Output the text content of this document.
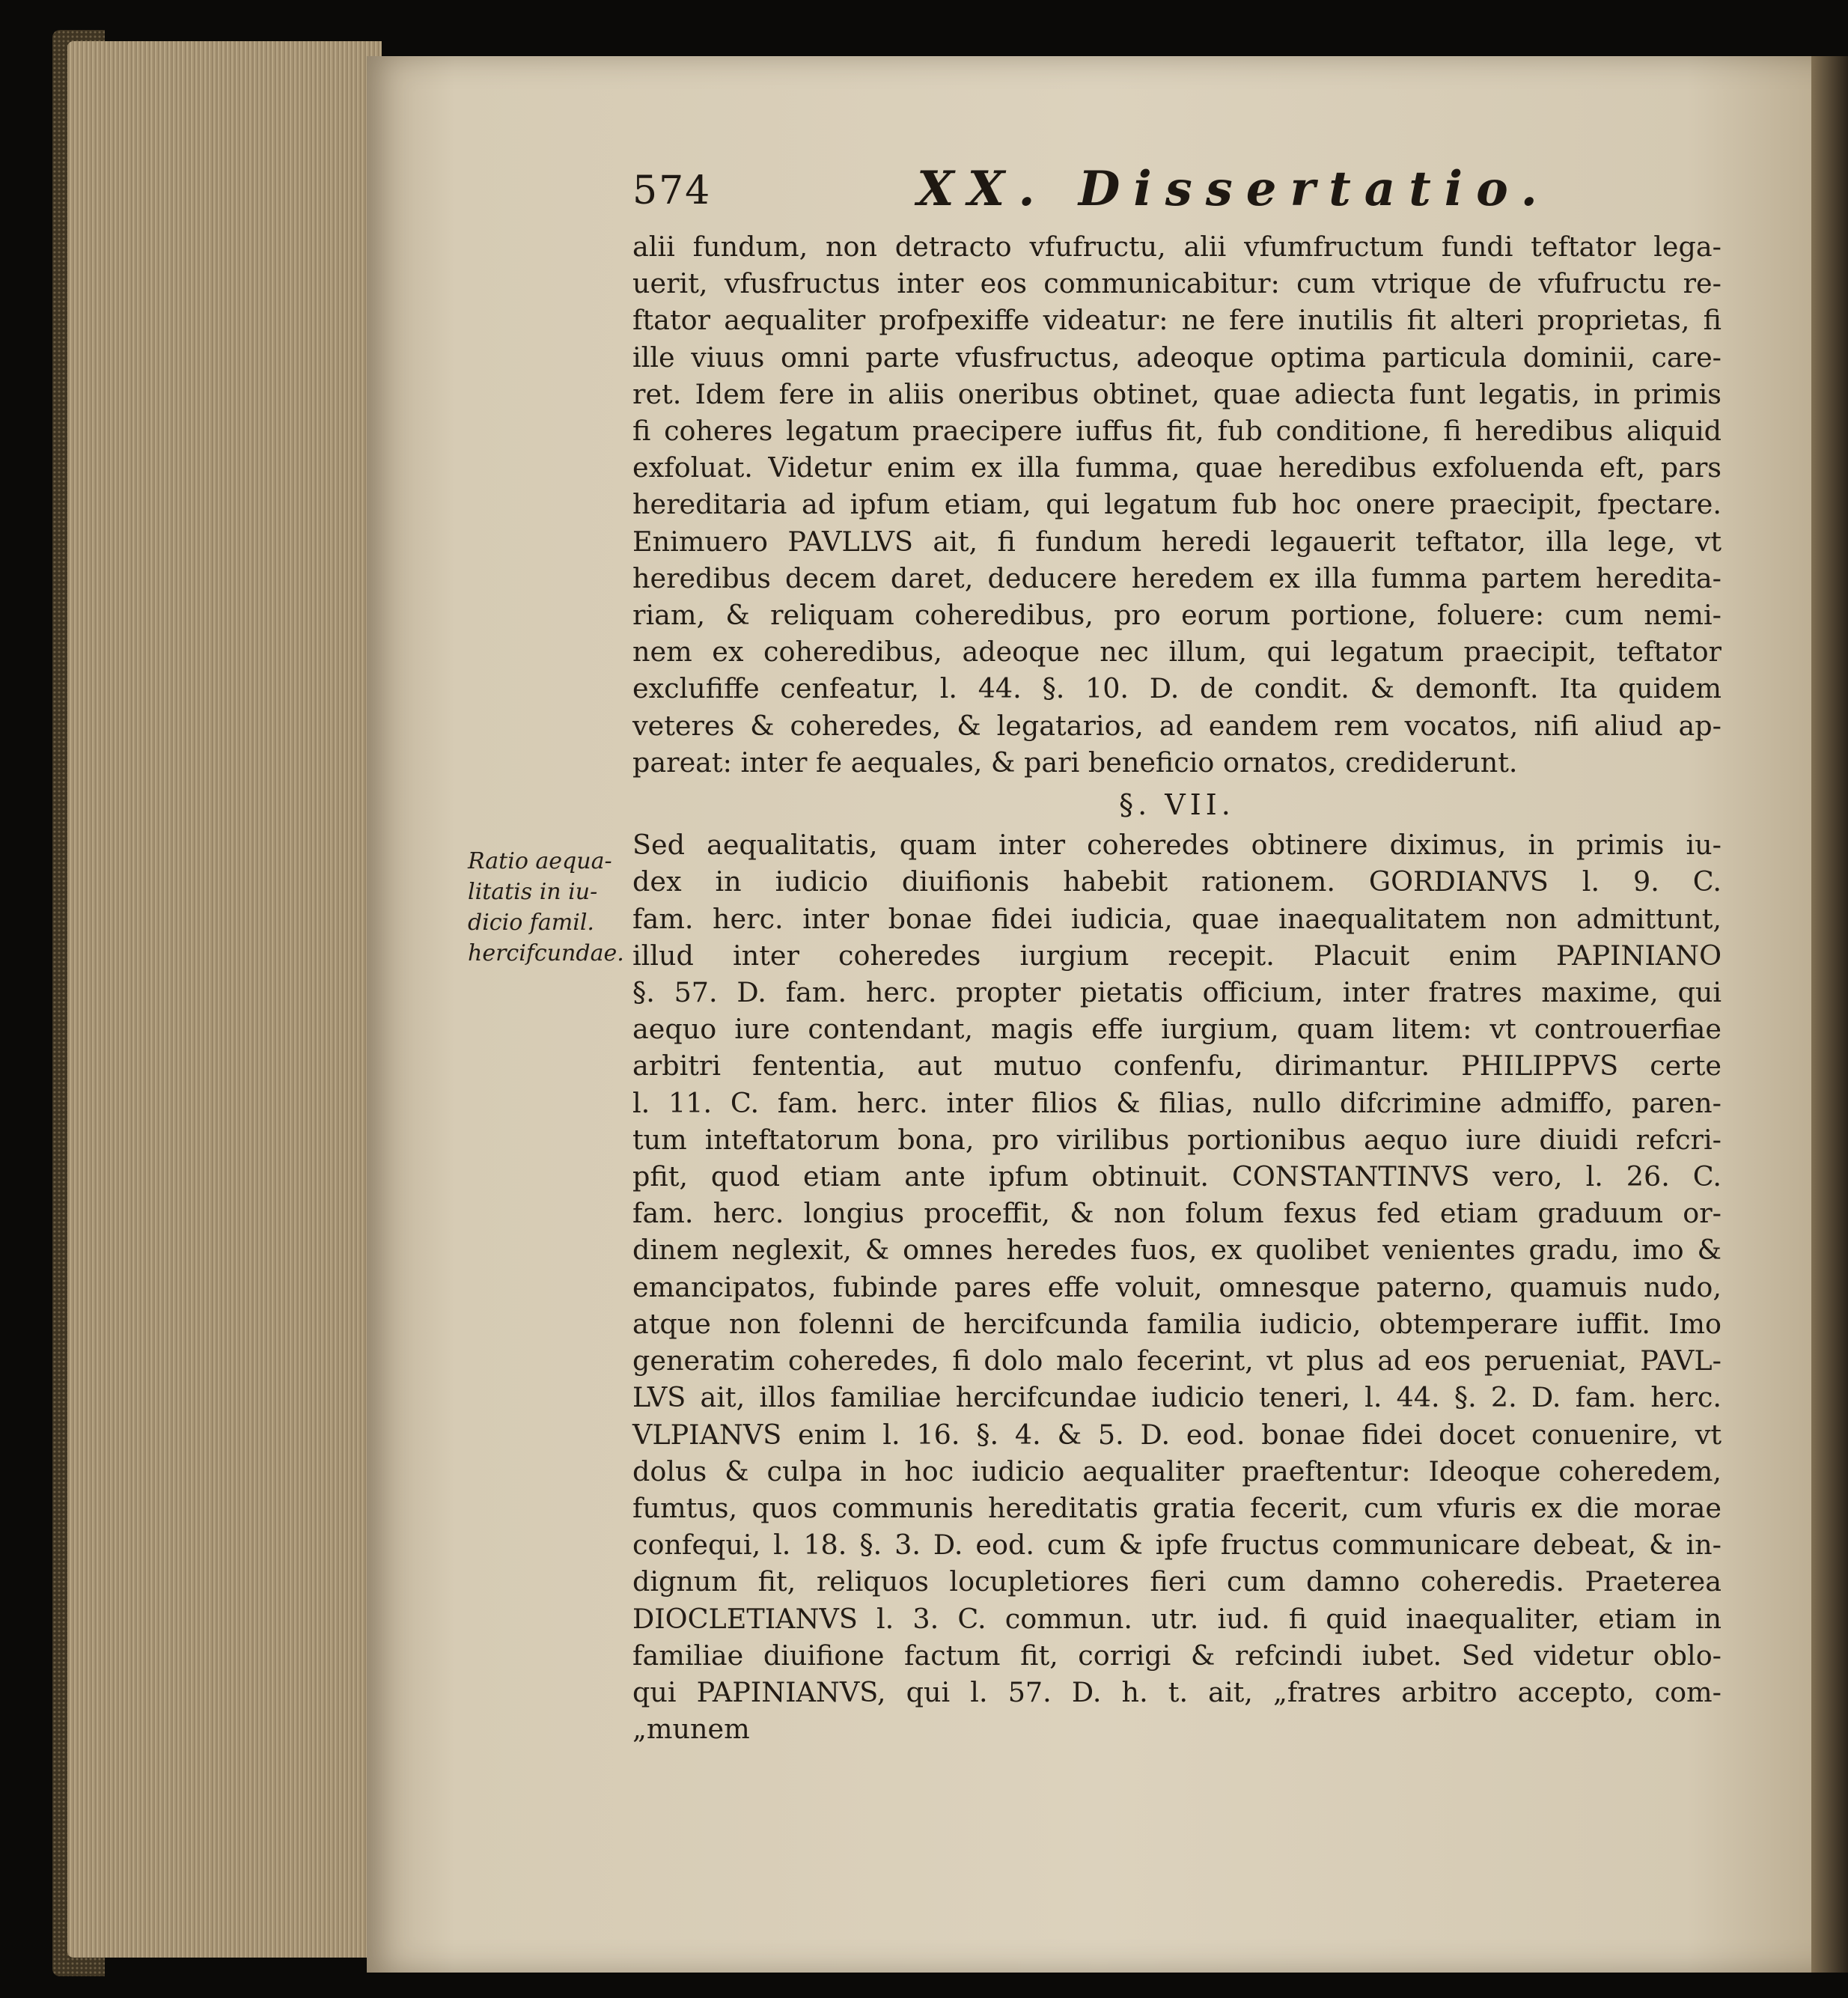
574	XX. Dissertatio.
Ratio aequa-
litatis in iu-
dicio famil.
hercifcundae.
alii fundum, non detracto vfufructu, alii vfumfructum fundi teftator lega-
uerit, vfusfructus inter eos communicabitur: cum vtrique de vfufructu re-
ftator aequaliter profpexiffe videatur: ne fere inutilis fit alteri proprietas, fi
ille viuus omni parte vfusfructus, adeoque optima particula dominii, care-
ret. Idem fere in aliis oneribus obtinet, quae adiecta funt legatis, in primis
fi coheres legatum praecipere iuffus fit, fub conditione, fi heredibus aliquid
exfoluat. Videtur enim ex illa fumma, quae heredibus exfoluenda eft, pars
hereditaria ad ipfum etiam, qui legatum fub hoc onere praecipit, fpectare.
Enimuero PAVLLVS ait, fi fundum heredi legauerit teftator, illa lege, vt
heredibus decem daret, deducere heredem ex illa fumma partem heredita-
riam, & reliquam coheredibus, pro eorum portione, foluere: cum nemi-
nem ex coheredibus, adeoque nec illum, qui legatum praecipit, teftator
exclufiffe cenfeatur, l. 44. §. 10. D. de condit. & demonft. Ita quidem
veteres & coheredes, & legatarios, ad eandem rem vocatos, nifi aliud ap-
pareat: inter fe aequales, & pari beneficio ornatos, crediderunt.
§. VII.
Sed aequalitatis, quam inter coheredes obtinere diximus, in primis iu-
dex in iudicio diuifionis habebit rationem. GORDIANVS l. 9. C.
fam. herc. inter bonae fidei iudicia, quae inaequalitatem non admittunt,
illud inter coheredes iurgium recepit. Placuit enim PAPINIANO
§. 57. D. fam. herc. propter pietatis officium, inter fratres maxime, qui
aequo iure contendant, magis effe iurgium, quam litem: vt controuerfiae
arbitri fententia, aut mutuo confenfu, dirimantur. PHILIPPVS certe
l. 11. C. fam. herc. inter filios & filias, nullo difcrimine admiffo, paren-
tum inteftatorum bona, pro virilibus portionibus aequo iure diuidi refcri-
pfit, quod etiam ante ipfum obtinuit. CONSTANTINVS vero, l. 26. C.
fam. herc. longius proceffit, & non folum fexus fed etiam graduum or-
dinem neglexit, & omnes heredes fuos, ex quolibet venientes gradu, imo &
emancipatos, fubinde pares effe voluit, omnesque paterno, quamuis nudo,
atque non folenni de hercifcunda familia iudicio, obtemperare iuffit. Imo
generatim coheredes, fi dolo malo fecerint, vt plus ad eos perueniat, PAVL-
LVS ait, illos familiae hercifcundae iudicio teneri, l. 44. §. 2. D. fam. herc.
VLPIANVS enim l. 16. §. 4. & 5. D. eod. bonae fidei docet conuenire, vt
dolus & culpa in hoc iudicio aequaliter praeftentur: Ideoque coheredem,
fumtus, quos communis hereditatis gratia fecerit, cum vfuris ex die morae
confequi, l. 18. §. 3. D. eod. cum & ipfe fructus communicare debeat, & in-
dignum fit, reliquos locupletiores fieri cum damno coheredis. Praeterea
DIOCLETIANVS l. 3. C. commun. utr. iud. fi quid inaequaliter, etiam in
familiae diuifione factum fit, corrigi & refcindi iubet. Sed videtur oblo-
qui PAPINIANVS, qui l. 57. D. h. t. ait, „fratres arbitro accepto, com-
„munem
